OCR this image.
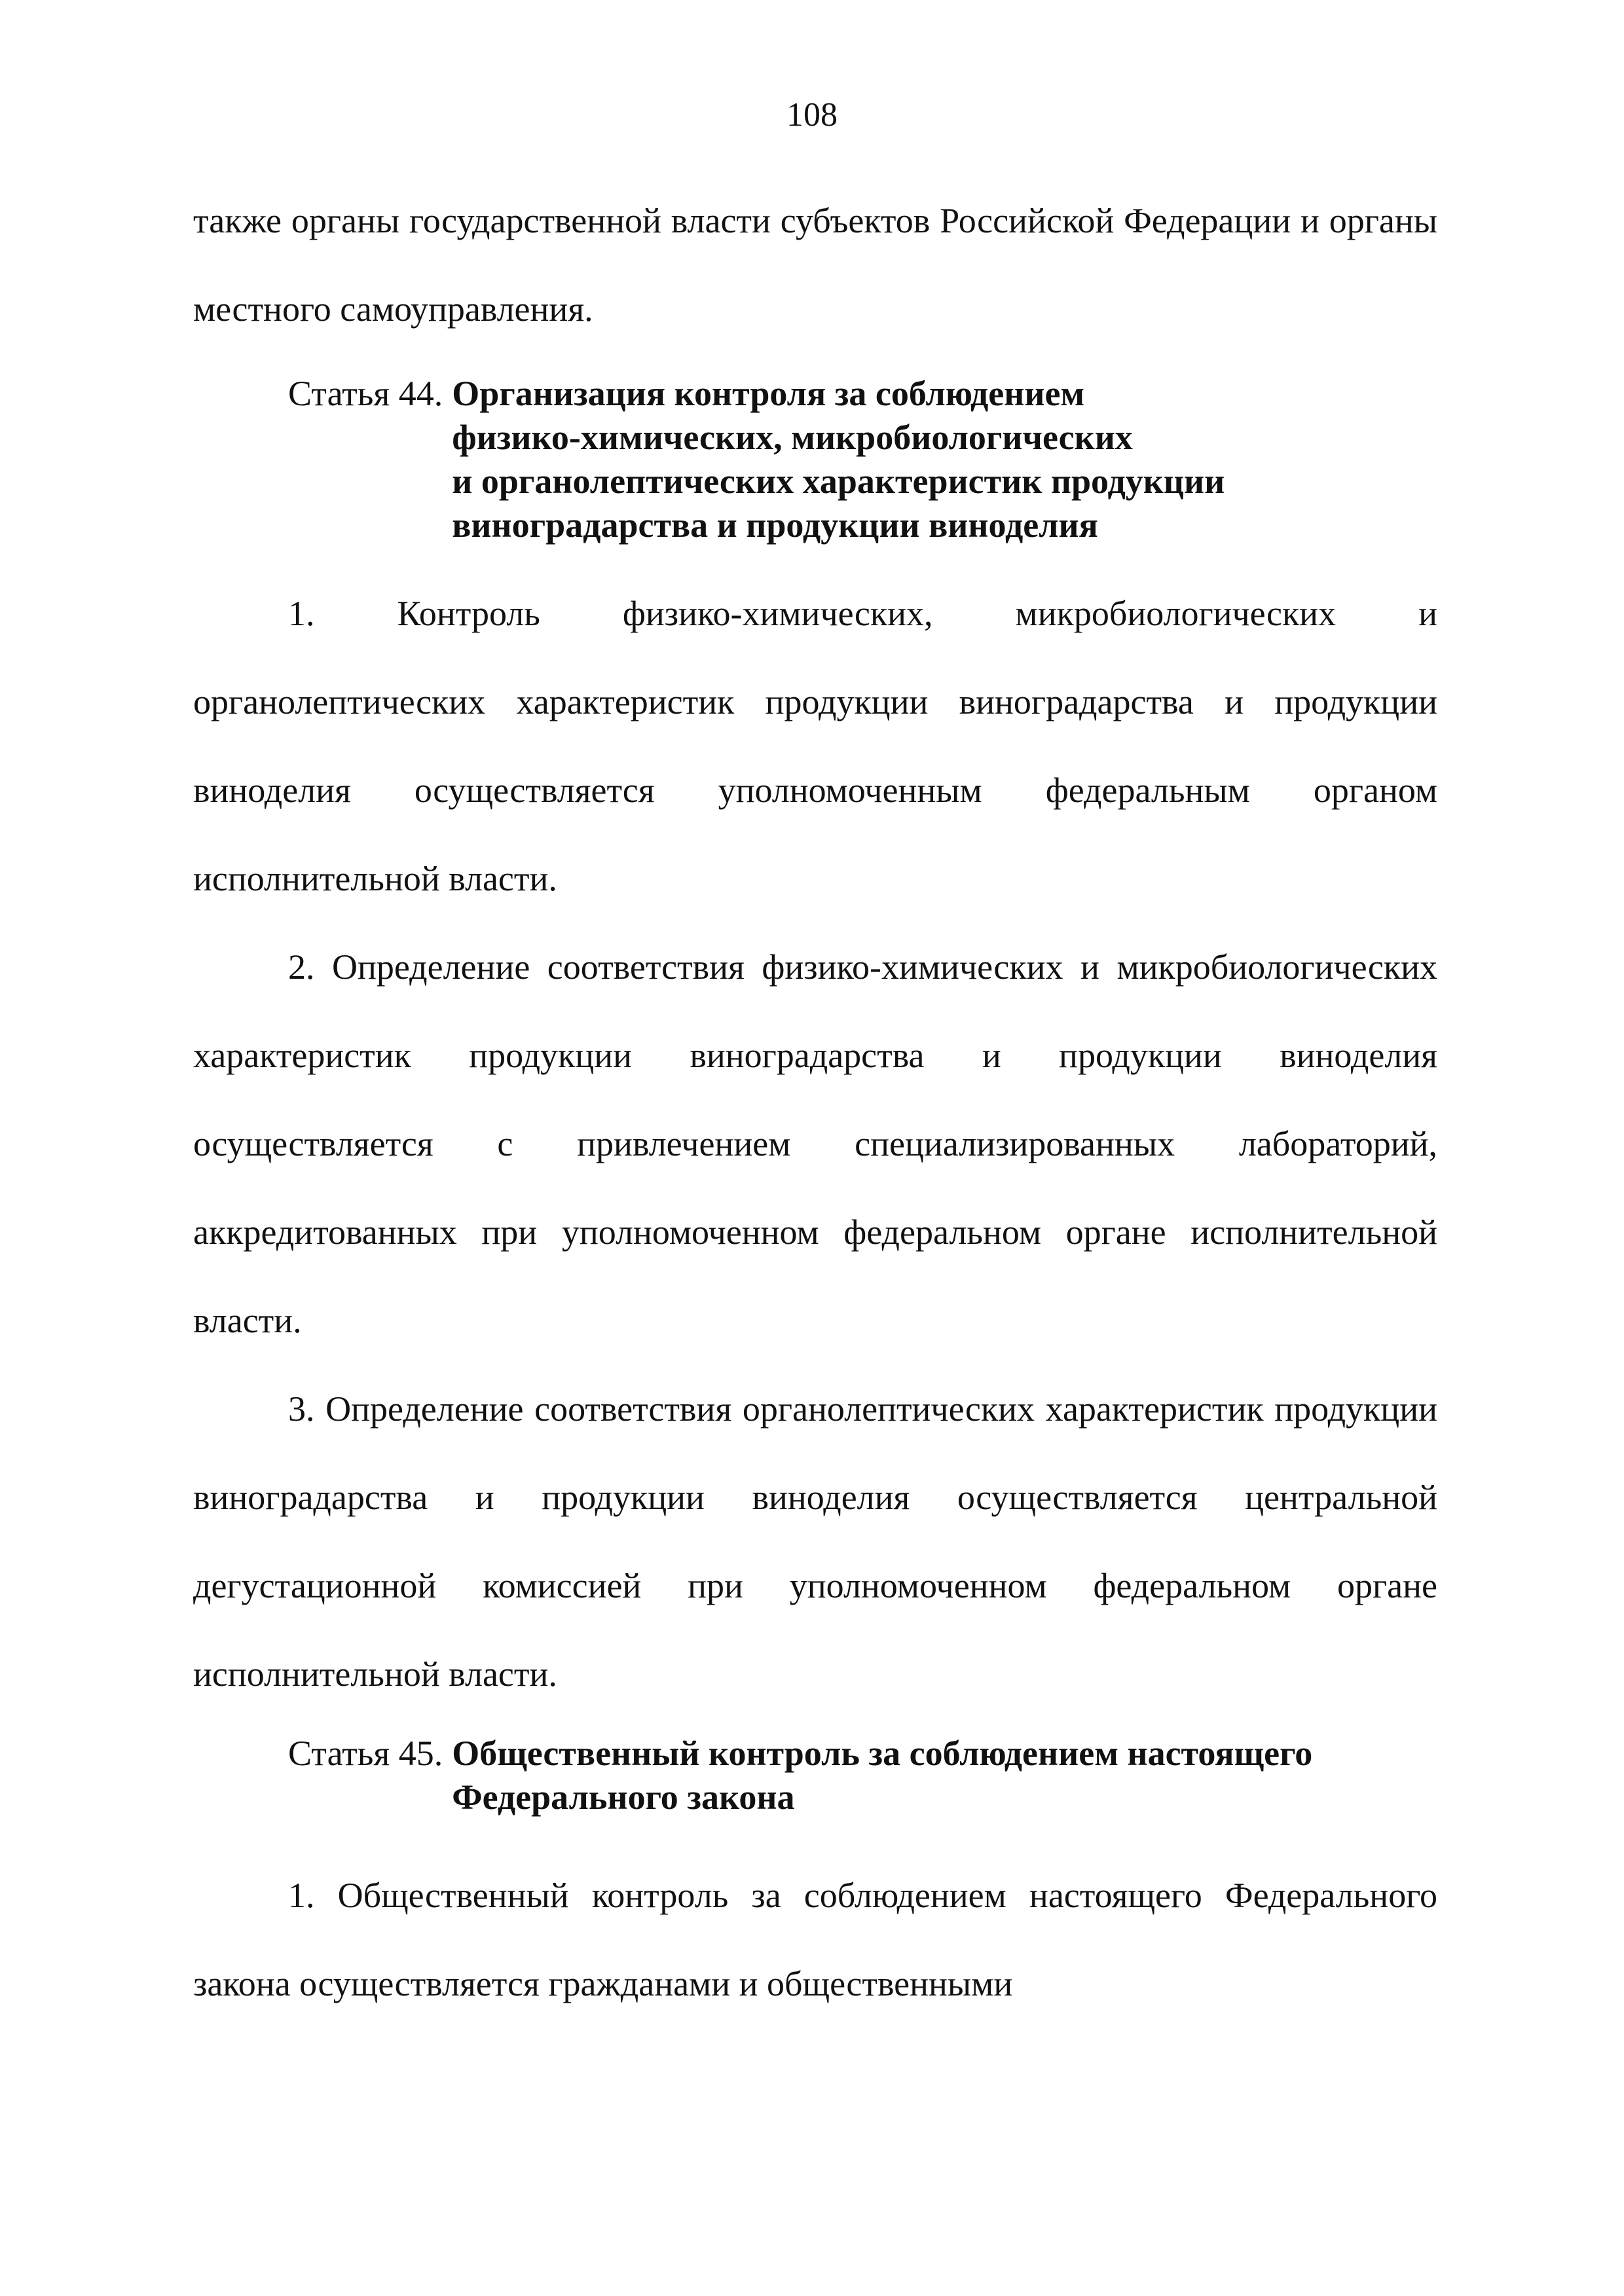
108

также органы государственной власти субъектов Российской Федерации и органы местного самоуправления.

Статья 44. Организация контроля за соблюдением
физико-химических, микробиологических
и органолептических характеристик продукции
виноградарства и продукции виноделия

1. Контроль физико-химических, микробиологических и органолептических характеристик продукции виноградарства и продукции виноделия осуществляется уполномоченным федеральным органом исполнительной власти.

2. Определение соответствия физико-химических и микробиологических характеристик продукции виноградарства и продукции виноделия осуществляется с привлечением специализированных лабораторий, аккредитованных при уполномоченном федеральном органе исполнительной власти.

3. Определение соответствия органолептических характеристик продукции виноградарства и продукции виноделия осуществляется центральной дегустационной комиссией при уполномоченном федеральном органе исполнительной власти.

Статья 45. Общественный контроль за соблюдением настоящего
Федерального закона

1. Общественный контроль за соблюдением настоящего Федерального закона осуществляется гражданами и общественными
